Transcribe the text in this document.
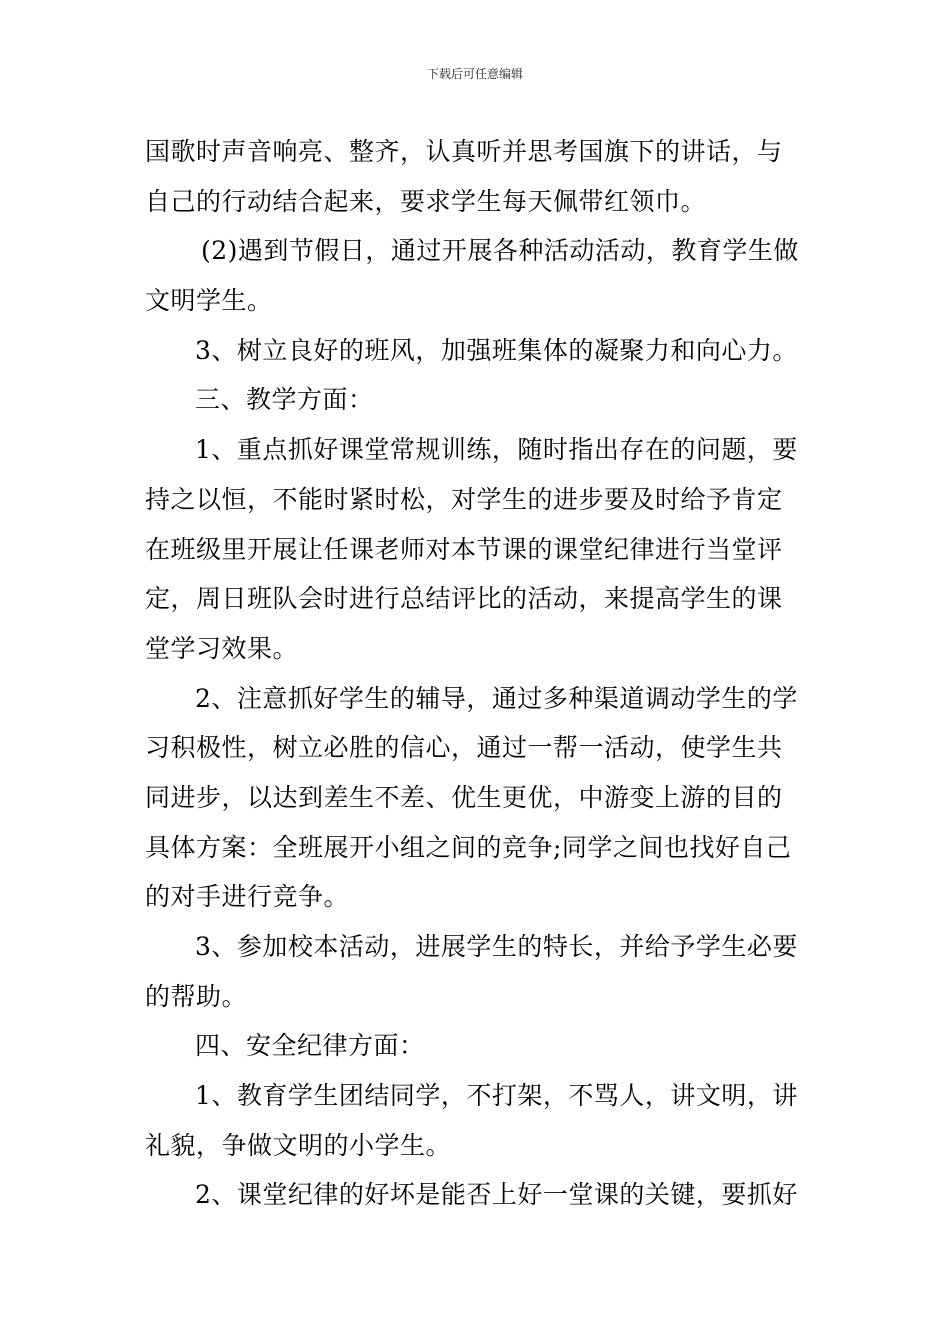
下载后可任意编辑

国歌时声音响亮、整齐，认真听并思考国旗下的讲话，与
自己的行动结合起来，要求学生每天佩带红领巾。

(2)遇到节假日，通过开展各种活动活动，教育学生做
文明学生。

3、树立良好的班风，加强班集体的凝聚力和向心力。

三、教学方面：

1、重点抓好课堂常规训练，随时指出存在的问题，要
持之以恒，不能时紧时松，对学生的进步要及时给予肯定
在班级里开展让任课老师对本节课的课堂纪律进行当堂评
定，周日班队会时进行总结评比的活动，来提高学生的课
堂学习效果。

2、注意抓好学生的辅导，通过多种渠道调动学生的学
习积极性，树立必胜的信心，通过一帮一活动，使学生共
同进步，以达到差生不差、优生更优，中游变上游的目的
具体方案：全班展开小组之间的竞争;同学之间也找好自己
的对手进行竞争。

3、参加校本活动，进展学生的特长，并给予学生必要
的帮助。

四、安全纪律方面：

1、教育学生团结同学，不打架，不骂人，讲文明，讲
礼貌，争做文明的小学生。

2、课堂纪律的好坏是能否上好一堂课的关键，要抓好
